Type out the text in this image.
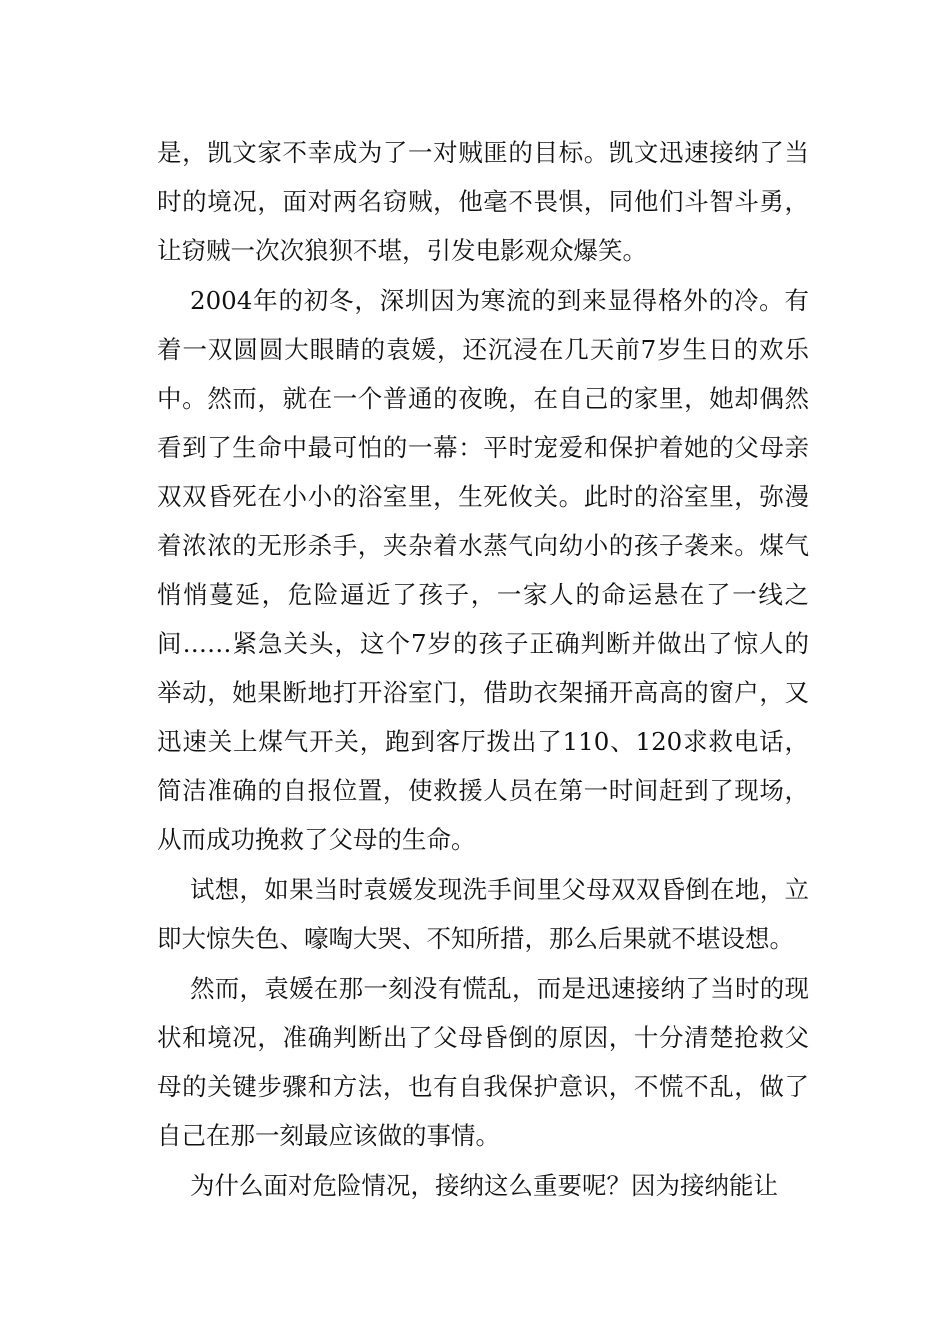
是，凯文家不幸成为了一对贼匪的目标。凯文迅速接纳了当时的境况，面对两名窃贼，他毫不畏惧，同他们斗智斗勇，让窃贼一次次狼狈不堪，引发电影观众爆笑。

2004年的初冬，深圳因为寒流的到来显得格外的冷。有着一双圆圆大眼睛的袁媛，还沉浸在几天前7岁生日的欢乐中。然而，就在一个普通的夜晚，在自己的家里，她却偶然看到了生命中最可怕的一幕：平时宠爱和保护着她的父母亲双双昏死在小小的浴室里，生死攸关。此时的浴室里，弥漫着浓浓的无形杀手，夹杂着水蒸气向幼小的孩子袭来。煤气悄悄蔓延，危险逼近了孩子，一家人的命运悬在了一线之间……紧急关头，这个7岁的孩子正确判断并做出了惊人的举动，她果断地打开浴室门，借助衣架捅开高高的窗户，又迅速关上煤气开关，跑到客厅拨出了110、120求救电话，简洁准确的自报位置，使救援人员在第一时间赶到了现场，从而成功挽救了父母的生命。

试想，如果当时袁媛发现洗手间里父母双双昏倒在地，立即大惊失色、嚎啕大哭、不知所措，那么后果就不堪设想。

然而，袁媛在那一刻没有慌乱，而是迅速接纳了当时的现状和境况，准确判断出了父母昏倒的原因，十分清楚抢救父母的关键步骤和方法，也有自我保护意识，不慌不乱，做了自己在那一刻最应该做的事情。

为什么面对危险情况，接纳这么重要呢？因为接纳能让
